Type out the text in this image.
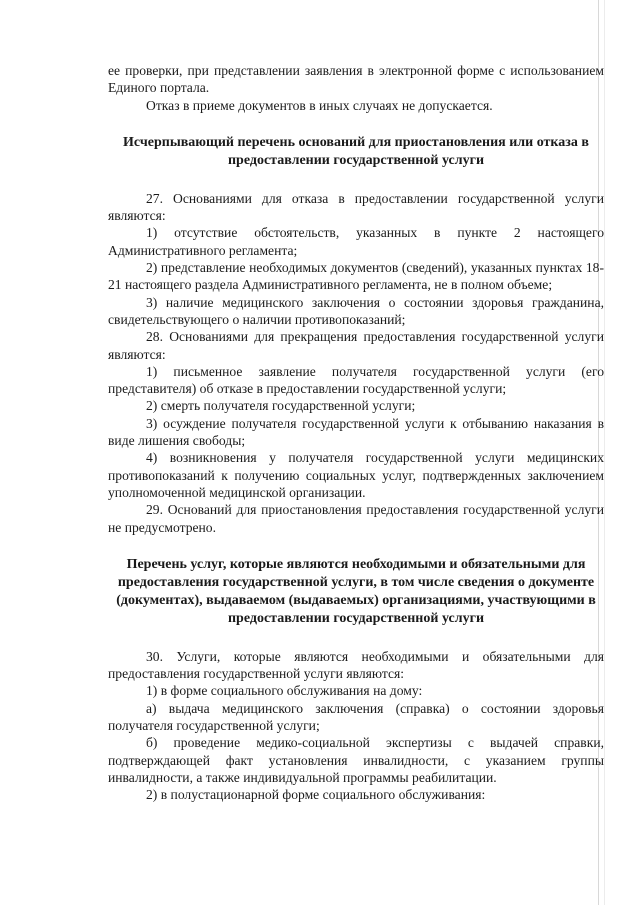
ее проверки, при представлении заявления в электронной форме с использованием Единого портала.

Отказ в приеме документов в иных случаях не допускается.

Исчерпывающий перечень оснований для приостановления или отказа в предоставлении государственной услуги

27. Основаниями для отказа в предоставлении государственной услуги являются:

1) отсутствие обстоятельств, указанных в пункте 2 настоящего Административного регламента;

2) представление необходимых документов (сведений), указанных пунктах 18-21 настоящего раздела Административного регламента, не в полном объеме;

3) наличие медицинского заключения о состоянии здоровья гражданина, свидетельствующего о наличии противопоказаний;

28. Основаниями для прекращения предоставления государственной услуги являются:

1) письменное заявление получателя государственной услуги (его представителя) об отказе в предоставлении государственной услуги;

2) смерть получателя государственной услуги;

3) осуждение получателя государственной услуги к отбыванию наказания в виде лишения свободы;

4) возникновения у получателя государственной услуги медицинских противопоказаний к получению социальных услуг, подтвержденных заключением уполномоченной медицинской организации.

29. Оснований для приостановления предоставления государственной услуги не предусмотрено.

Перечень услуг, которые являются необходимыми и обязательными для предоставления государственной услуги, в том числе сведения о документе (документах), выдаваемом (выдаваемых) организациями, участвующими в предоставлении государственной услуги

30. Услуги, которые являются необходимыми и обязательными для предоставления государственной услуги являются:

1) в форме социального обслуживания на дому:

а) выдача медицинского заключения (справка) о состоянии здоровья получателя государственной услуги;

б) проведение медико-социальной экспертизы с выдачей справки, подтверждающей факт установления инвалидности, с указанием группы инвалидности, а также индивидуальной программы реабилитации.

2) в полустационарной форме социального обслуживания:
